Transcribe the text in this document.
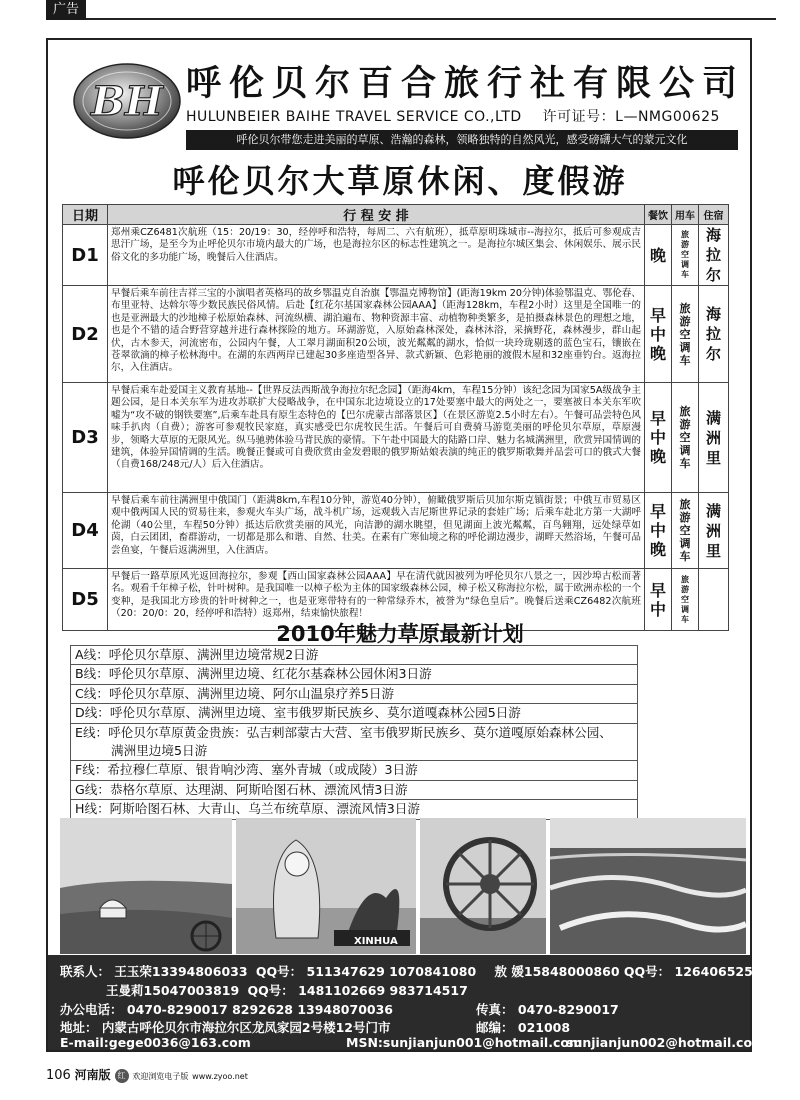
广告
BH 呼伦贝尔百合旅行社有限公司
HULUNBEIER BAIHE TRAVEL SERVICE CO.,LTD 许可证号：L—NMG00625
呼伦贝尔带您走进美丽的草原、浩瀚的森林，领略独特的自然风光，感受磅礴大气的蒙元文化
呼伦贝尔大草原休闲、度假游
日期	行 程 安 排	餐饮	用车	住宿
D1	郑州乘CZ6481次航班（15：20/19：30，经停呼和浩特，每周二、六有航班），抵草原明珠城市--海拉尔，抵后可参观成吉思汗广场，是至今为止呼伦贝尔市境内最大的广场，也是海拉尔区的标志性建筑之一。是海拉尔城区集会、休闲娱乐、展示民俗文化的多功能广场，晚餐后入住酒店。	晚	旅游空调车	海拉尔
D2	早餐后乘车前往吉祥三宝的小演唱者英格玛的故乡鄂温克自治旗【鄂温克博物馆】(距海19km 20分钟)体验鄂温克、鄂伦春、布里亚特、达斡尔等少数民族民俗风情。后赴【红花尔基国家森林公园AAA】（距海128km，车程2小时）这里是全国唯一的也是亚洲最大的沙地樟子松原始森林、河流纵横、湖泊遍布、物种资源丰富、动植物种类繁多，是拍摄森林景色的理想之地，也是个不错的适合野营穿越并进行森林探险的地方。环湖游览，入原始森林深处，森林沐浴，采摘野花，森林漫步，群山起伏，古木参天，河流密布，公园内午餐，人工翠月湖面积20公顷，波光粼粼的湖水，恰似一块玲珑剔透的蓝色宝石，镶嵌在苍翠欲滴的樟子松林海中。在湖的东西两岸已建起30多座造型各异、款式新颖、色彩艳丽的渡假木屋和32座垂钓台。返海拉尔，入住酒店。	早中晚	旅游空调车	海拉尔
D3	早餐后乘车赴爱国主义教育基地--【世界反法西斯战争海拉尔纪念园】（距海4km，车程15分钟）该纪念园为国家5A级战争主题公园，是日本关东军为进攻苏联扩大侵略战争，在中国东北边境设立的17处要塞中最大的两处之一，要塞被日本关东军吹嘘为“攻不破的钢铁要塞”,后乘车赴具有原生态特色的【巴尔虎蒙古部落景区】（在景区游览2.5小时左右）。午餐可品尝特色风味手扒肉（自费）；游客可参观牧民家庭，真实感受巴尔虎牧民生活。午餐后可自费骑马游览美丽的呼伦贝尔草原，草原漫步，领略大草原的无限风光。纵马驰骋体验马背民族的豪情。下午赴中国最大的陆路口岸、魅力名城满洲里，欣赏异国情调的建筑，体验异国情调的生活。晚餐正餐或可自费欣赏由金发碧眼的俄罗斯姑娘表演的纯正的俄罗斯歌舞并品尝可口的俄式大餐（自费168/248元/人）后入住酒店。	早中晚	旅游空调车	满洲里
D4	早餐后乘车前往满洲里中俄国门（距满8km,车程10分钟，游览40分钟），俯瞰俄罗斯后贝加尔斯克镇街景；中俄互市贸易区观中俄两国人民的贸易往来，参观火车头广场，战斗机广场，远观载入吉尼斯世界记录的套娃广场；后乘车赴北方第一大湖呼伦湖（40公里，车程50分钟）抵达后欣赏美丽的风光，向洁渺的湖水眺望，但见湖面上波光粼粼，百鸟翱翔，远处绿草如茵，白云团团，畜群游动，一切都是那么和谐、自然、壮美。在素有广寒仙境之称的呼伦湖边漫步，湖畔天然浴场，午餐可品尝鱼宴，午餐后返满洲里，入住酒店。	早中晚	旅游空调车	满洲里
D5	早餐后一路草原风光返回海拉尔，参观【西山国家森林公园AAA】早在清代就因被列为呼伦贝尔八景之一，因沙埠古松而著名。观看千年樟子松，针叶树种。是我国唯一以樟子松为主体的国家级森林公园，樟子松又称海拉尔松，属于欧洲赤松的一个变种，是我国北方珍贵的针叶树种之一，也是亚寒带特有的一种常绿乔木，被誉为“绿色皇后”。晚餐后送乘CZ6482次航班（20：20/0：20，经停呼和浩特）返郑州，结束愉快旅程！	早中	旅游空调车	
2010年魅力草原最新计划
A线：呼伦贝尔草原、满洲里边境常规2日游
B线：呼伦贝尔草原、满洲里边境、红花尔基森林公园休闲3日游
C线：呼伦贝尔草原、满洲里边境、阿尔山温泉疗养5日游
D线：呼伦贝尔草原、满洲里边境、室韦俄罗斯民族乡、莫尔道嘎森林公园5日游
E线：呼伦贝尔草原黄金贵族：弘吉剌部蒙古大营、室韦俄罗斯民族乡、莫尔道嘎原始森林公园、
满洲里边境5日游
F线：希拉穆仁草原、银肯响沙湾、塞外青城（或成陵）3日游
G线：恭格尔草原、达理湖、阿斯哈图石林、漂流风情3日游
H线：阿斯哈图石林、大青山、乌兰布统草原、漂流风情3日游
XINHUA
联系人： 王玉荣13394806033 QQ号： 511347629 1070841080 敖 媛15848000860 QQ号： 1264065255
王曼莉15047003819 QQ号： 1481102669 983714517
办公电话： 0470-8290017 8292628 13948070036	传真： 0470-8290017
地址： 内蒙古呼伦贝尔市海拉尔区龙凤家园2号楼12号门市	邮编： 021008
E-mail:gege0036@163.com	MSN:sunjianjun001@hotmail.com
sunjianjun002@hotmail.com
106 河南版 红 欢迎浏览电子版 www.zyoo.net
